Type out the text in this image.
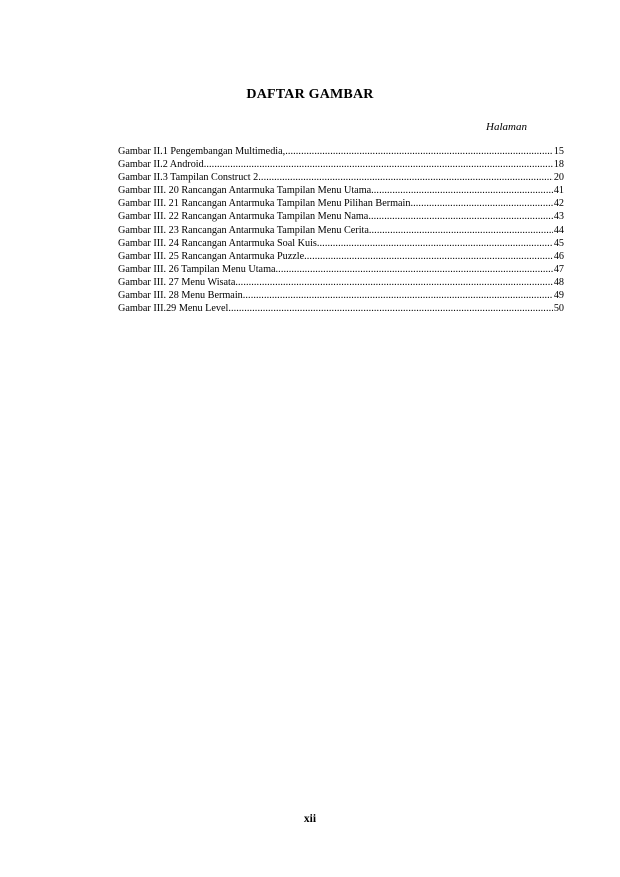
DAFTAR GAMBAR
Halaman
Gambar II.1 Pengembangan Multimedia, .....	15
Gambar II.2 Android .....	18
Gambar II.3 Tampilan Construct 2 .....	20
Gambar III. 20 Rancangan Antarmuka Tampilan Menu Utama .....	41
Gambar III. 21 Rancangan Antarmuka Tampilan Menu Pilihan Bermain .....	42
Gambar III. 22 Rancangan Antarmuka Tampilan Menu Nama .....	43
Gambar III. 23 Rancangan Antarmuka Tampilan Menu Cerita .....	44
Gambar III. 24 Rancangan Antarmuka Soal Kuis .....	45
Gambar III. 25 Rancangan Antarmuka Puzzle .....	46
Gambar III. 26 Tampilan Menu Utama .....	47
Gambar III. 27 Menu Wisata .....	48
Gambar III. 28 Menu Bermain .....	49
Gambar III.29 Menu Level .....	50
xii
